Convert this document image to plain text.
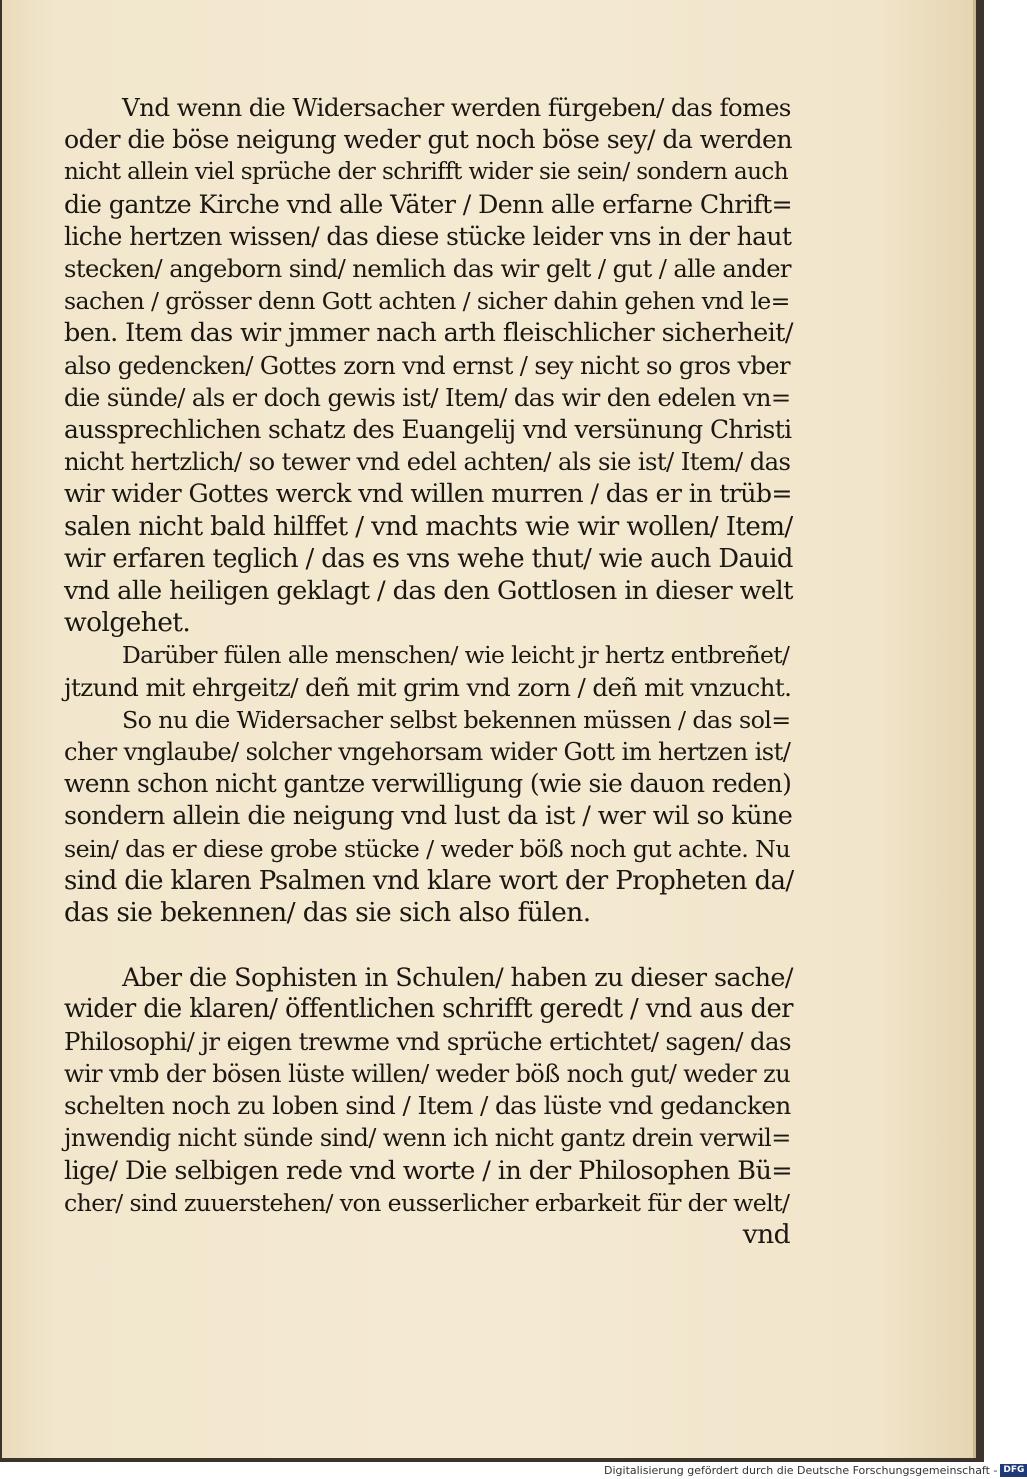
Vnd wenn die Widersacher werden fürgeben/ das fomes
oder die böse neigung weder gut noch böse sey/ da werden
nicht allein viel sprüche der schrifft wider sie sein/ sondern auch
die gantze Kirche vnd alle Väter / Denn alle erfarne Chrift=
liche hertzen wissen/ das diese stücke leider vns in der haut
stecken/ angeborn sind/ nemlich das wir gelt / gut / alle ander
sachen / grösser denn Gott achten / sicher dahin gehen vnd le=
ben. Item das wir jmmer nach arth fleischlicher sicherheit/
also gedencken/ Gottes zorn vnd ernst / sey nicht so gros vber
die sünde/ als er doch gewis ist/ Item/ das wir den edelen vn=
aussprechlichen schatz des Euangelij vnd versünung Christi
nicht hertzlich/ so tewer vnd edel achten/ als sie ist/ Item/ das
wir wider Gottes werck vnd willen murren / das er in trüb=
salen nicht bald hilffet / vnd machts wie wir wollen/ Item/
wir erfaren teglich / das es vns wehe thut/ wie auch Dauid
vnd alle heiligen geklagt / das den Gottlosen in dieser welt
wolgehet.
Darüber fülen alle menschen/ wie leicht jr hertz entbreñet/
jtzund mit ehrgeitz/ deñ mit grim vnd zorn / deñ mit vnzucht.
So nu die Widersacher selbst bekennen müssen / das sol=
cher vnglaube/ solcher vngehorsam wider Gott im hertzen ist/
wenn schon nicht gantze verwilligung (wie sie dauon reden)
sondern allein die neigung vnd lust da ist / wer wil so küne
sein/ das er diese grobe stücke / weder böß noch gut achte. Nu
sind die klaren Psalmen vnd klare wort der Propheten da/
das sie bekennen/ das sie sich also fülen.
Aber die Sophisten in Schulen/ haben zu dieser sache/
wider die klaren/ öffentlichen schrifft geredt / vnd aus der
Philosophi/ jr eigen trewme vnd sprüche ertichtet/ sagen/ das
wir vmb der bösen lüste willen/ weder böß noch gut/ weder zu
schelten noch zu loben sind / Item / das lüste vnd gedancken
jnwendig nicht sünde sind/ wenn ich nicht gantz drein verwil=
lige/ Die selbigen rede vnd worte / in der Philosophen Bü=
cher/ sind zuuerstehen/ von eusserlicher erbarkeit für der welt/
vnd
Digitalisierung gefördert durch die Deutsche Forschungsgemeinschaft - DFG
